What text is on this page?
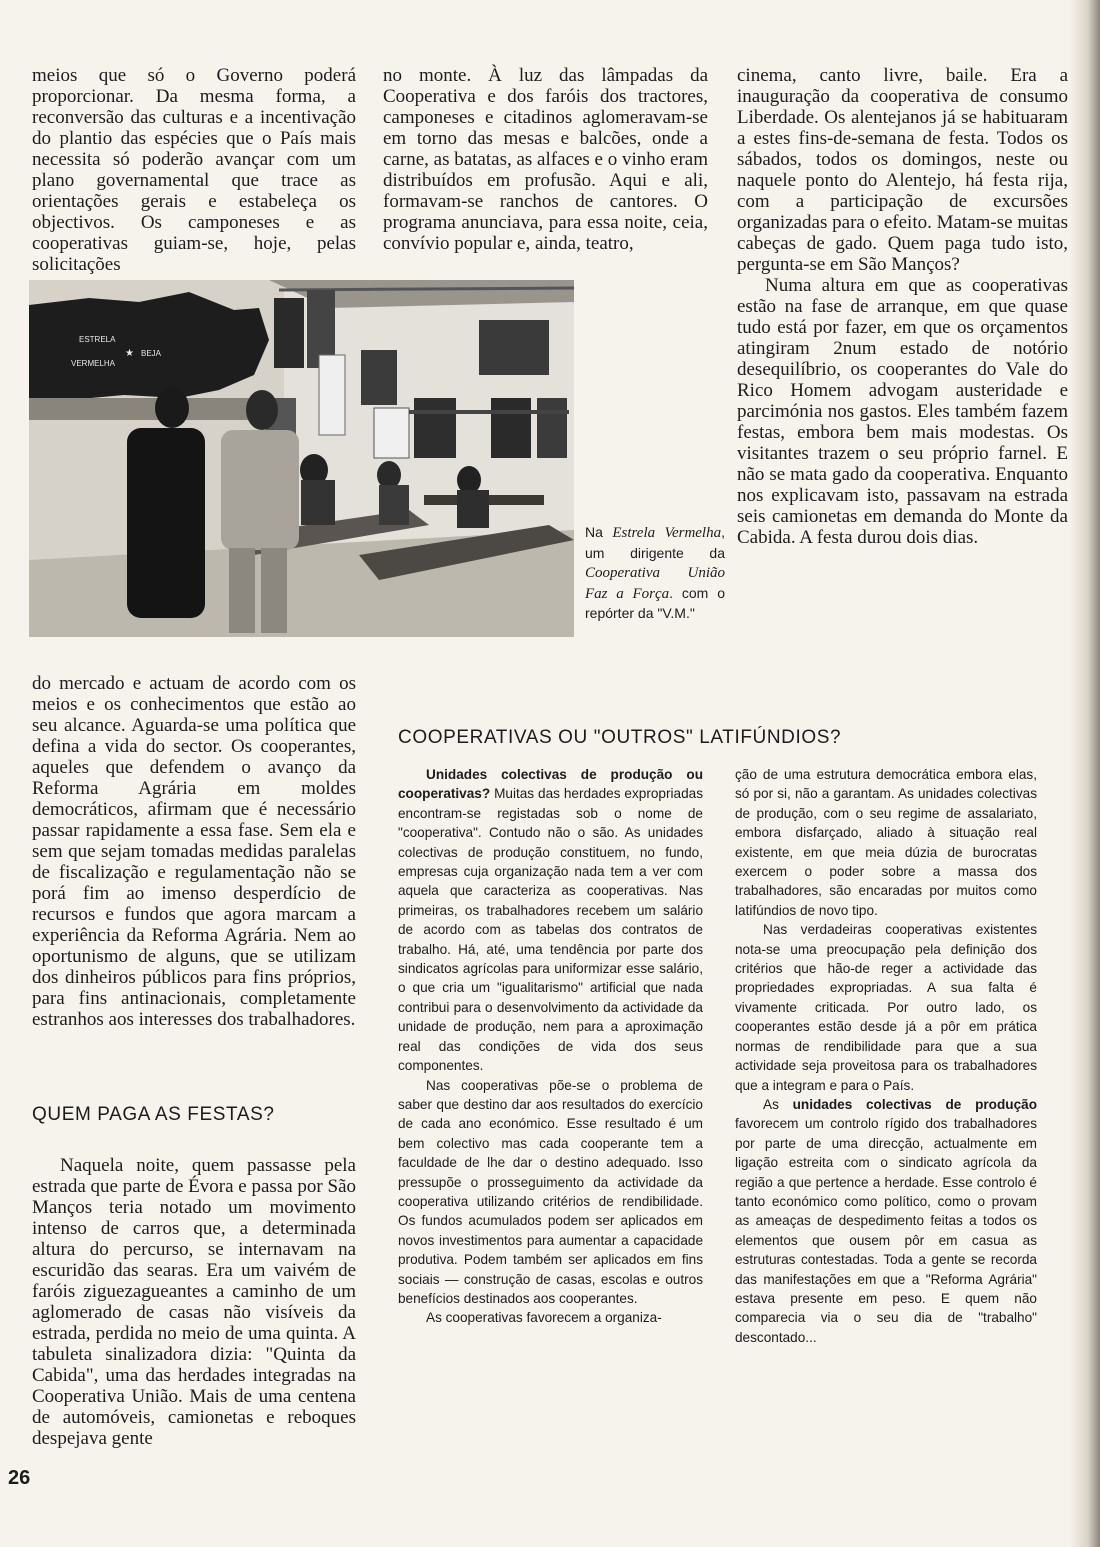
meios que só o Governo poderá proporcionar. Da mesma forma, a reconversão das culturas e a incentivação do plantio das espécies que o País mais necessita só poderão avançar com um plano governamental que trace as orientações gerais e estabeleça os objectivos. Os camponeses e as cooperativas guiam-se, hoje, pelas solicitações

no monte. À luz das lâmpadas da Cooperativa e dos faróis dos tractores, camponeses e citadinos aglomeravam-se em torno das mesas e balcões, onde a carne, as batatas, as alfaces e o vinho eram distribuídos em profusão. Aqui e ali, formavam-se ranchos de cantores. O programa anunciava, para essa noite, ceia, convívio popular e, ainda, teatro,

cinema, canto livre, baile. Era a inauguração da cooperativa de consumo Liberdade. Os alentejanos já se habituaram a estes fins-de-semana de festa. Todos os sábados, todos os domingos, neste ou naquele ponto do Alentejo, há festa rija, com a participação de excursões organizadas para o efeito. Matam-se muitas cabeças de gado. Quem paga tudo isto, pergunta-se em São Manços?

Numa altura em que as cooperativas estão na fase de arranque, em que quase tudo está por fazer, em que os orçamentos atingiram 2num estado de notório desequilíbrio, os cooperantes do Vale do Rico Homem advogam austeridade e parcimónia nos gastos. Eles também fazem festas, embora bem mais modestas. Os visitantes trazem o seu próprio farnel. E não se mata gado da cooperativa. Enquanto nos explicavam isto, passavam na estrada seis camionetas em demanda do Monte da Cabida. A festa durou dois dias.

ESTRELA
VERMELHA
BEJA
★
Na Estrela Vermelha, um dirigente da Cooperativa União Faz a Força. com o repórter da "V.M."

do mercado e actuam de acordo com os meios e os conhecimentos que estão ao seu alcance. Aguarda-se uma política que defina a vida do sector. Os cooperantes, aqueles que defendem o avanço da Reforma Agrária em moldes democráticos, afirmam que é necessário passar rapidamente a essa fase. Sem ela e sem que sejam tomadas medidas paralelas de fiscalização e regulamentação não se porá fim ao imenso desperdício de recursos e fundos que agora marcam a experiência da Reforma Agrária. Nem ao oportunismo de alguns, que se utilizam dos dinheiros públicos para fins próprios, para fins antinacionais, completamente estranhos aos interesses dos trabalhadores.

QUEM PAGA AS FESTAS?

Naquela noite, quem passasse pela estrada que parte de Évora e passa por São Manços teria notado um movimento intenso de carros que, a determinada altura do percurso, se internavam na escuridão das searas. Era um vaivém de faróis ziguezagueantes a caminho de um aglomerado de casas não visíveis da estrada, perdida no meio de uma quinta. A tabuleta sinalizadora dizia: "Quinta da Cabida", uma das herdades integradas na Cooperativa União. Mais de uma centena de automóveis, camionetas e reboques despejava gente

COOPERATIVAS OU "OUTROS" LATIFÚNDIOS?

Unidades colectivas de produção ou cooperativas? Muitas das herdades expropriadas encontram-se registadas sob o nome de "cooperativa". Contudo não o são. As unidades colectivas de produção constituem, no fundo, empresas cuja organização nada tem a ver com aquela que caracteriza as cooperativas. Nas primeiras, os trabalhadores recebem um salário de acordo com as tabelas dos contratos de trabalho. Há, até, uma tendência por parte dos sindicatos agrícolas para uniformizar esse salário, o que cria um "igualitarismo" artificial que nada contribui para o desenvolvimento da actividade da unidade de produção, nem para a aproximação real das condições de vida dos seus componentes.

Nas cooperativas põe-se o problema de saber que destino dar aos resultados do exercício de cada ano económico. Esse resultado é um bem colectivo mas cada cooperante tem a faculdade de lhe dar o destino adequado. Isso pressupõe o prosseguimento da actividade da cooperativa utilizando critérios de rendibilidade. Os fundos acumulados podem ser aplicados em novos investimentos para aumentar a capacidade produtiva. Podem também ser aplicados em fins sociais — construção de casas, escolas e outros benefícios destinados aos cooperantes.

As cooperativas favorecem a organiza-

ção de uma estrutura democrática embora elas, só por si, não a garantam. As unidades colectivas de produção, com o seu regime de assalariato, embora disfarçado, aliado à situação real existente, em que meia dúzia de burocratas exercem o poder sobre a massa dos trabalhadores, são encaradas por muitos como latifúndios de novo tipo.

Nas verdadeiras cooperativas existentes nota-se uma preocupação pela definição dos critérios que hão-de reger a actividade das propriedades expropriadas. A sua falta é vivamente criticada. Por outro lado, os cooperantes estão desde já a pôr em prática normas de rendibilidade para que a sua actividade seja proveitosa para os trabalhadores que a integram e para o País.

As unidades colectivas de produção favorecem um controlo rígido dos trabalhadores por parte de uma direcção, actualmente em ligação estreita com o sindicato agrícola da região a que pertence a herdade. Esse controlo é tanto económico como político, como o provam as ameaças de despedimento feitas a todos os elementos que ousem pôr em casua as estruturas contestadas. Toda a gente se recorda das manifestações em que a "Reforma Agrária" estava presente em peso. E quem não comparecia via o seu dia de "trabalho" descontado...

26
